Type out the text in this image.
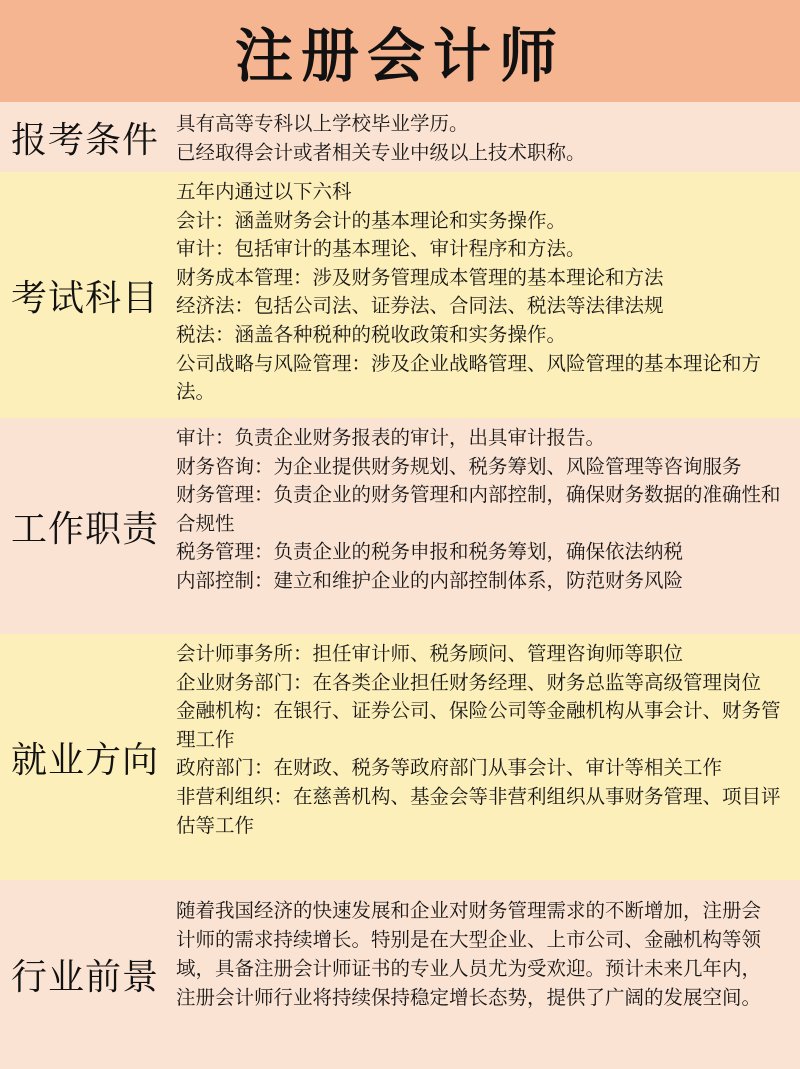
注册会计师
报考条件 具有高等专科以上学校毕业学历。
已经取得会计或者相关专业中级以上技术职称。
考试科目
五年内通过以下六科
会计：涵盖财务会计的基本理论和实务操作。
审计：包括审计的基本理论、审计程序和方法。
财务成本管理：涉及财务管理成本管理的基本理论和方法
经济法：包括公司法、证券法、合同法、税法等法律法规
税法：涵盖各种税种的税收政策和实务操作。
公司战略与风险管理：涉及企业战略管理、风险管理的基本理论和方法。
工作职责
审计：负责企业财务报表的审计，出具审计报告。
财务咨询：为企业提供财务规划、税务筹划、风险管理等咨询服务
财务管理：负责企业的财务管理和内部控制，确保财务数据的准确性和合规性
税务管理：负责企业的税务申报和税务筹划，确保依法纳税
内部控制：建立和维护企业的内部控制体系，防范财务风险
就业方向
会计师事务所：担任审计师、税务顾问、管理咨询师等职位
企业财务部门：在各类企业担任财务经理、财务总监等高级管理岗位
金融机构：在银行、证券公司、保险公司等金融机构从事会计、财务管理工作
政府部门：在财政、税务等政府部门从事会计、审计等相关工作
非营利组织：在慈善机构、基金会等非营利组织从事财务管理、项目评估等工作
行业前景
随着我国经济的快速发展和企业对财务管理需求的不断增加，注册会计师的需求持续增长。特别是在大型企业、上市公司、金融机构等领域，具备注册会计师证书的专业人员尤为受欢迎。预计未来几年内，注册会计师行业将持续保持稳定增长态势，提供了广阔的发展空间。
